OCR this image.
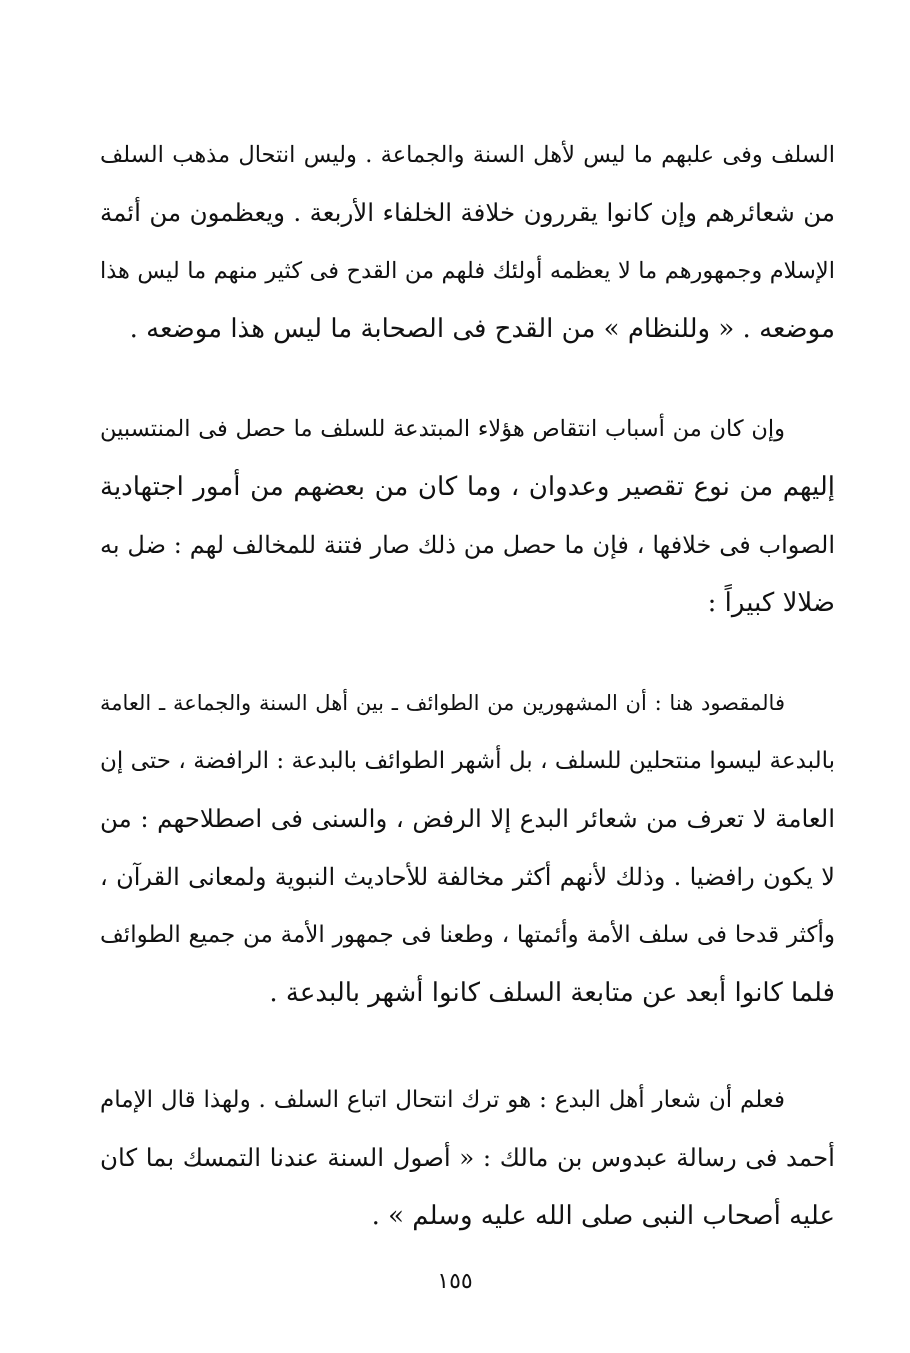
السلف وفى علبهم ما ليس لأهل السنة والجماعة . وليس انتحال مذهب السلف
من شعائرهم وإن كانوا يقررون خلافة الخلفاء الأربعة . ويعظمون من أئمة
الإسلام وجمهورهم ما لا يعظمه أولئك فلهم من القدح فى كثير منهم ما ليس هذا
موضعه . « وللنظام » من القدح فى الصحابة ما ليس هذا موضعه .
وإن كان من أسباب انتقاص هؤلاء المبتدعة للسلف ما حصل فى المنتسبين
إليهم من نوع تقصير وعدوان ، وما كان من بعضهم من أمور اجتهادية
الصواب فى خلافها ، فإن ما حصل من ذلك صار فتنة للمخالف لهم : ضل به
ضلالا كبيراً :
فالمقصود هنا : أن المشهورين من الطوائف ـ بين أهل السنة والجماعة ـ العامة
بالبدعة ليسوا منتحلين للسلف ، بل أشهر الطوائف بالبدعة : الرافضة ، حتى إن
العامة لا تعرف من شعائر البدع إلا الرفض ، والسنى فى اصطلاحهم : من
لا يكون رافضيا . وذلك لأنهم أكثر مخالفة للأحاديث النبوية ولمعانى القرآن ،
وأكثر قدحا فى سلف الأمة وأئمتها ، وطعنا فى جمهور الأمة من جميع الطوائف
فلما كانوا أبعد عن متابعة السلف كانوا أشهر بالبدعة .
فعلم أن شعار أهل البدع : هو ترك انتحال اتباع السلف . ولهذا قال الإمام
أحمد فى رسالة عبدوس بن مالك : « أصول السنة عندنا التمسك بما كان
عليه أصحاب النبى صلى الله عليه وسلم » .
١٥٥
